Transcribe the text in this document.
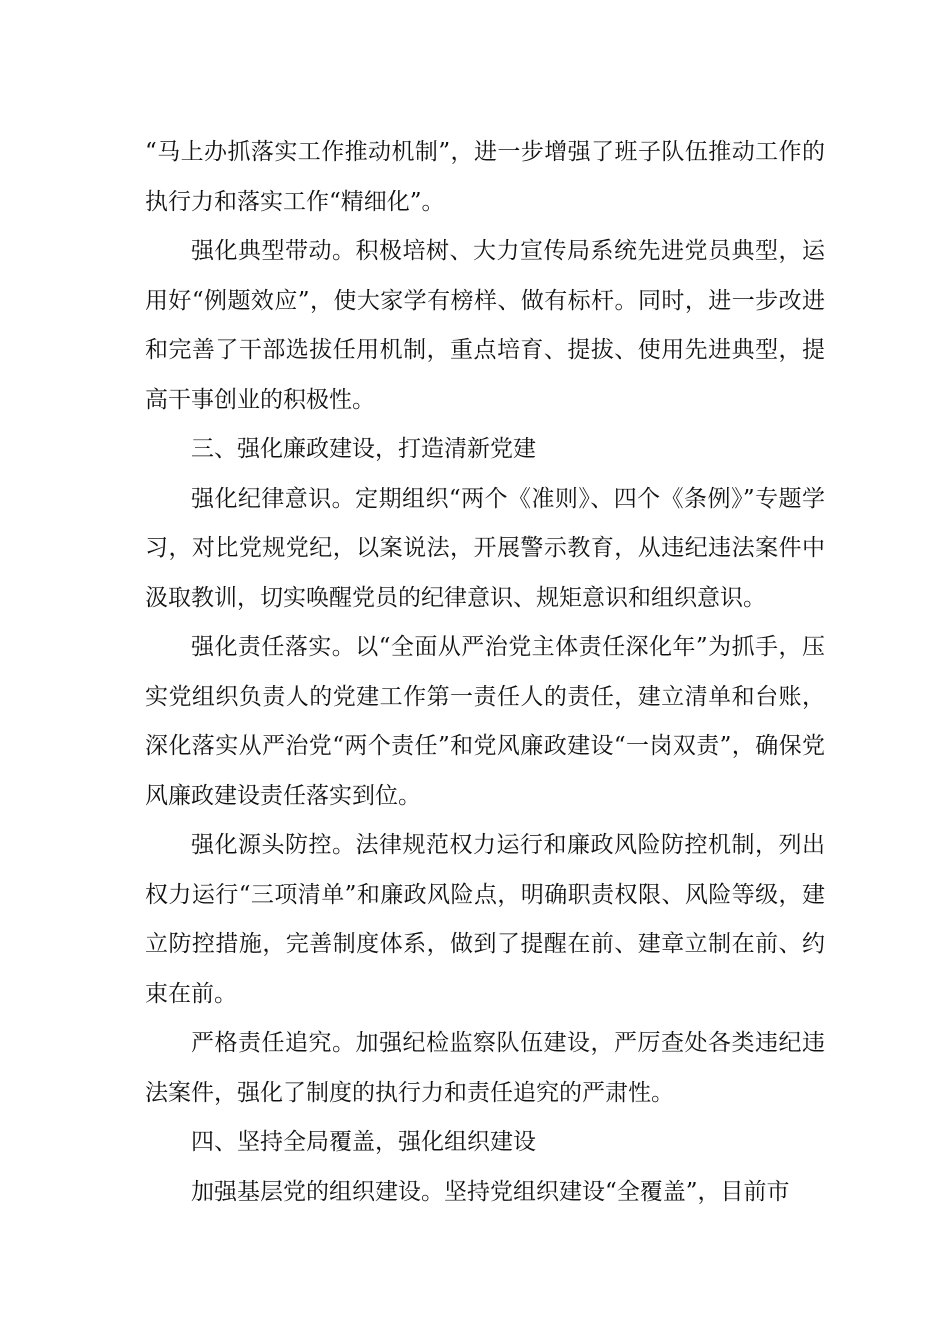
“马上办抓落实工作推动机制”，进一步增强了班子队伍推动工作的执行力和落实工作“精细化”。

强化典型带动。积极培树、大力宣传局系统先进党员典型，运用好“例题效应”，使大家学有榜样、做有标杆。同时，进一步改进和完善了干部选拔任用机制，重点培育、提拔、使用先进典型，提高干事创业的积极性。

三、强化廉政建设，打造清新党建

强化纪律意识。定期组织“两个《准则》、四个《条例》”专题学习，对比党规党纪，以案说法，开展警示教育，从违纪违法案件中汲取教训，切实唤醒党员的纪律意识、规矩意识和组织意识。

强化责任落实。以“全面从严治党主体责任深化年”为抓手，压实党组织负责人的党建工作第一责任人的责任，建立清单和台账，深化落实从严治党“两个责任”和党风廉政建设“一岗双责”，确保党风廉政建设责任落实到位。

强化源头防控。法律规范权力运行和廉政风险防控机制，列出权力运行“三项清单”和廉政风险点，明确职责权限、风险等级，建立防控措施，完善制度体系，做到了提醒在前、建章立制在前、约束在前。

严格责任追究。加强纪检监察队伍建设，严厉查处各类违纪违法案件，强化了制度的执行力和责任追究的严肃性。

四、坚持全局覆盖，强化组织建设

加强基层党的组织建设。坚持党组织建设“全覆盖”，目前市
